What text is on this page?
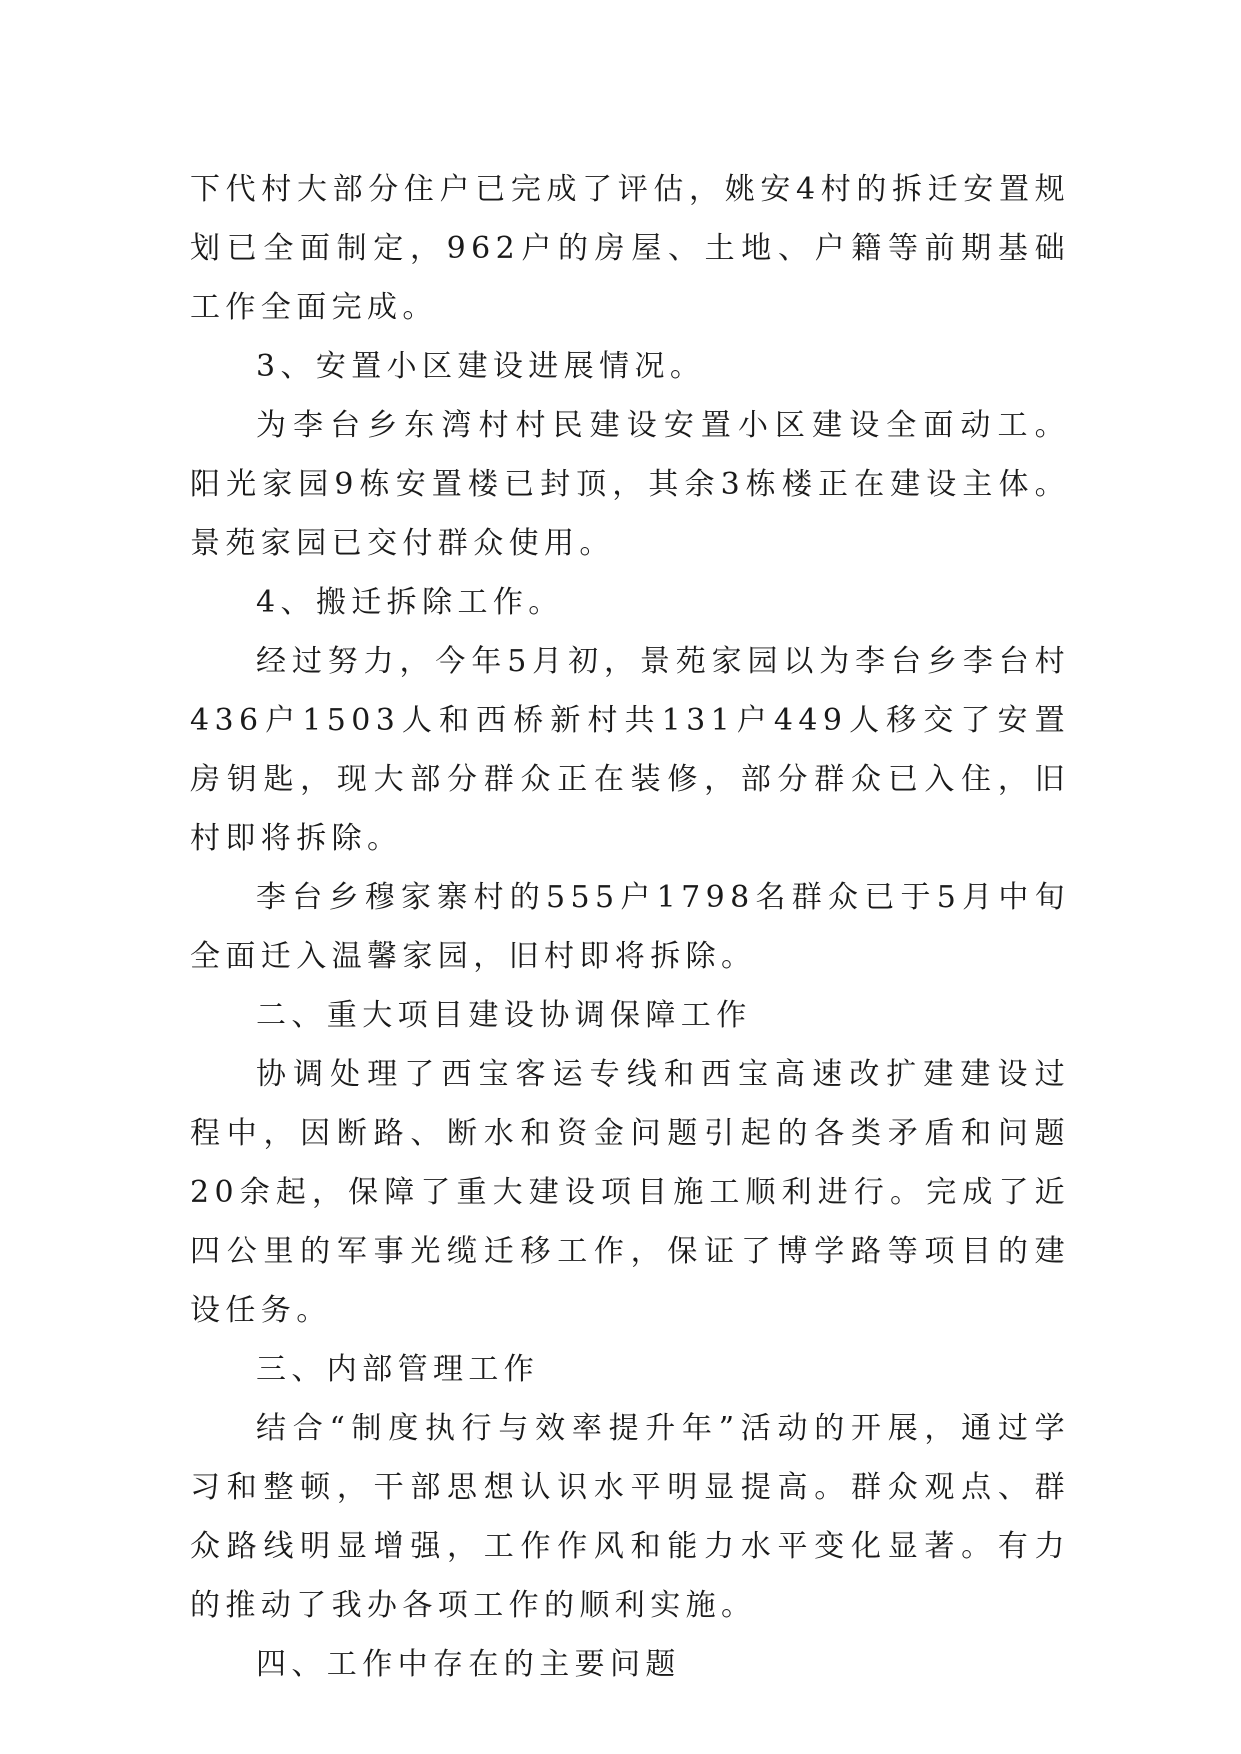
下代村大部分住户已完成了评估，姚安4村的拆迁安置规划已全面制定，962户的房屋、土地、户籍等前期基础工作全面完成。

3、安置小区建设进展情况。

为李台乡东湾村村民建设安置小区建设全面动工。阳光家园9栋安置楼已封顶，其余3栋楼正在建设主体。景苑家园已交付群众使用。

4、搬迁拆除工作。

经过努力，今年5月初，景苑家园以为李台乡李台村436户1503人和西桥新村共131户449人移交了安置房钥匙，现大部分群众正在装修，部分群众已入住，旧村即将拆除。

李台乡穆家寨村的555户1798名群众已于5月中旬全面迁入温馨家园，旧村即将拆除。

二、重大项目建设协调保障工作

协调处理了西宝客运专线和西宝高速改扩建建设过程中，因断路、断水和资金问题引起的各类矛盾和问题20余起，保障了重大建设项目施工顺利进行。完成了近四公里的军事光缆迁移工作，保证了博学路等项目的建设任务。

三、内部管理工作

结合“制度执行与效率提升年”活动的开展，通过学习和整顿，干部思想认识水平明显提高。群众观点、群众路线明显增强，工作作风和能力水平变化显著。有力的推动了我办各项工作的顺利实施。

四、工作中存在的主要问题
